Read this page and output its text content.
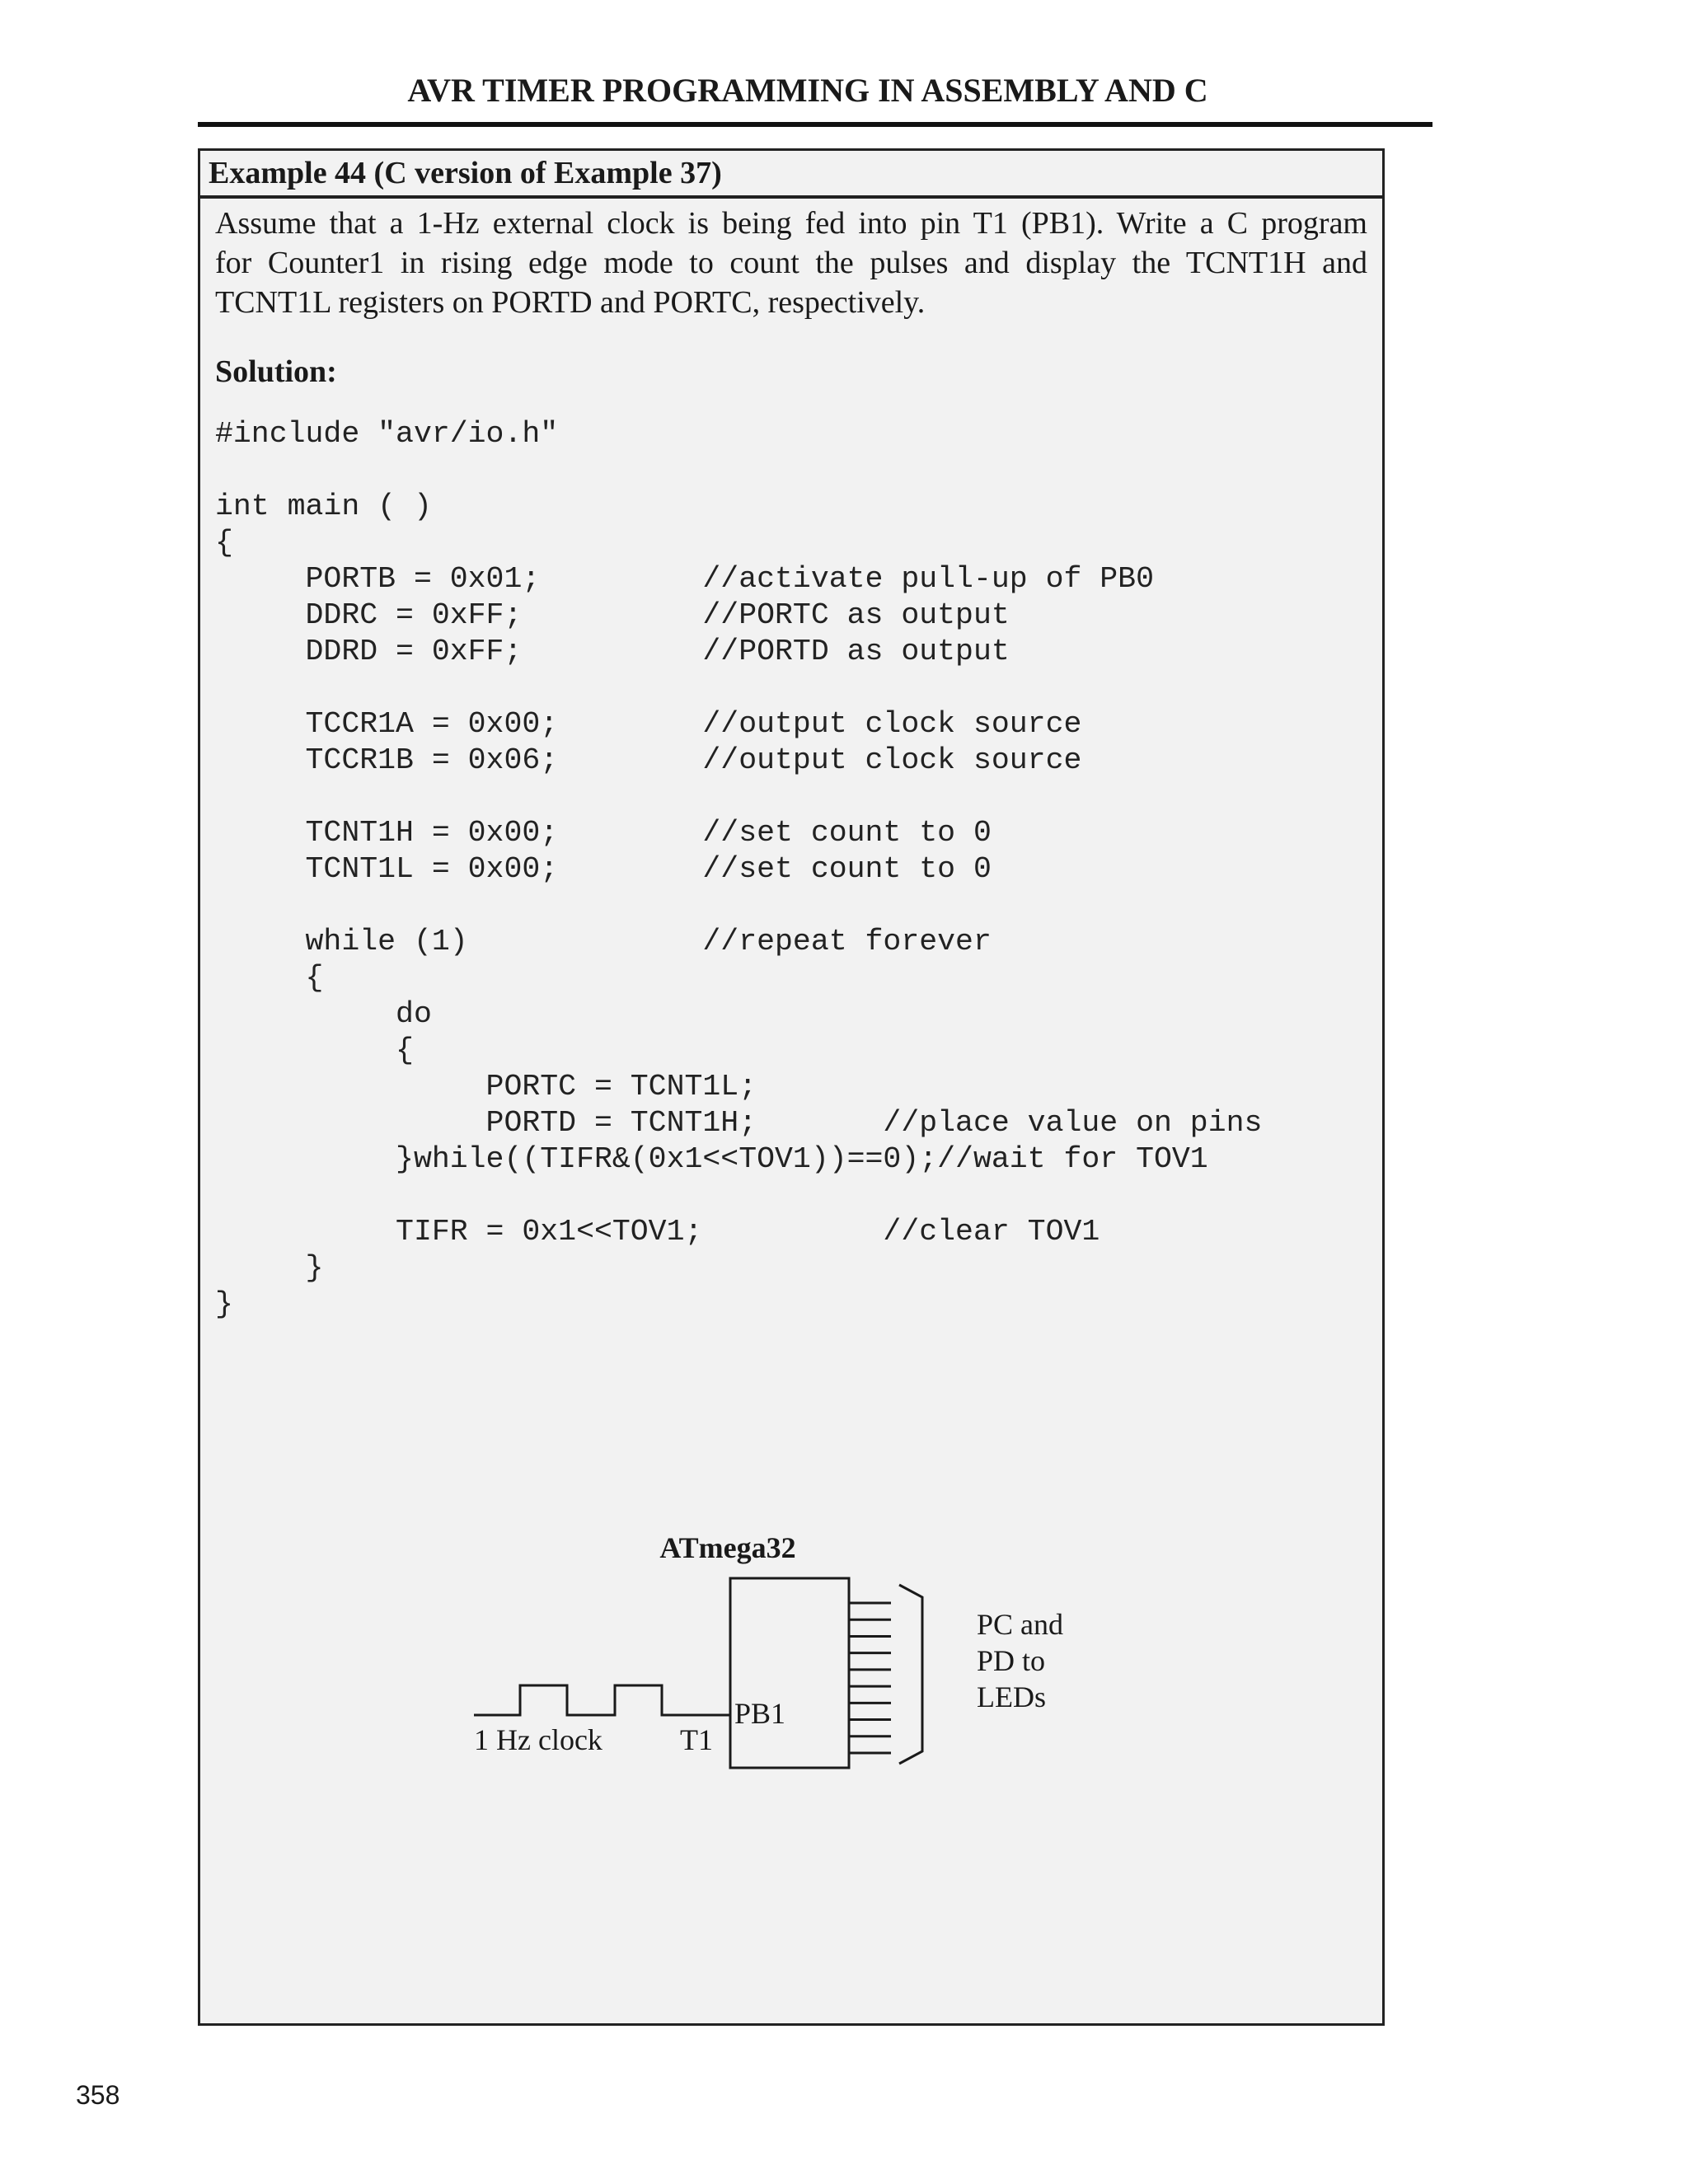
AVR TIMER PROGRAMMING IN ASSEMBLY AND C
Example 44 (C version of Example 37)
Assume that a 1-Hz external clock is being fed into pin T1 (PB1). Write a C program
for Counter1 in rising edge mode to count the pulses and display the TCNT1H and
TCNT1L registers on PORTD and PORTC, respectively.
Solution:
#include "avr/io.h"

int main ( )
{
PORTB = 0x01;         //activate pull-up of PB0
DDRC = 0xFF;          //PORTC as output
DDRD = 0xFF;          //PORTD as output

TCCR1A = 0x00;        //output clock source
TCCR1B = 0x06;        //output clock source

TCNT1H = 0x00;        //set count to 0
TCNT1L = 0x00;        //set count to 0

while (1)             //repeat forever
{
do
{
PORTC = TCNT1L;
PORTD = TCNT1H;       //place value on pins
}while((TIFR&(0x1<<TOV1))==0);//wait for TOV1

TIFR = 0x1<<TOV1;          //clear TOV1
}
}

ATmega32
PB1
1 Hz clock	T1
PC and
PD to
LEDs
358
